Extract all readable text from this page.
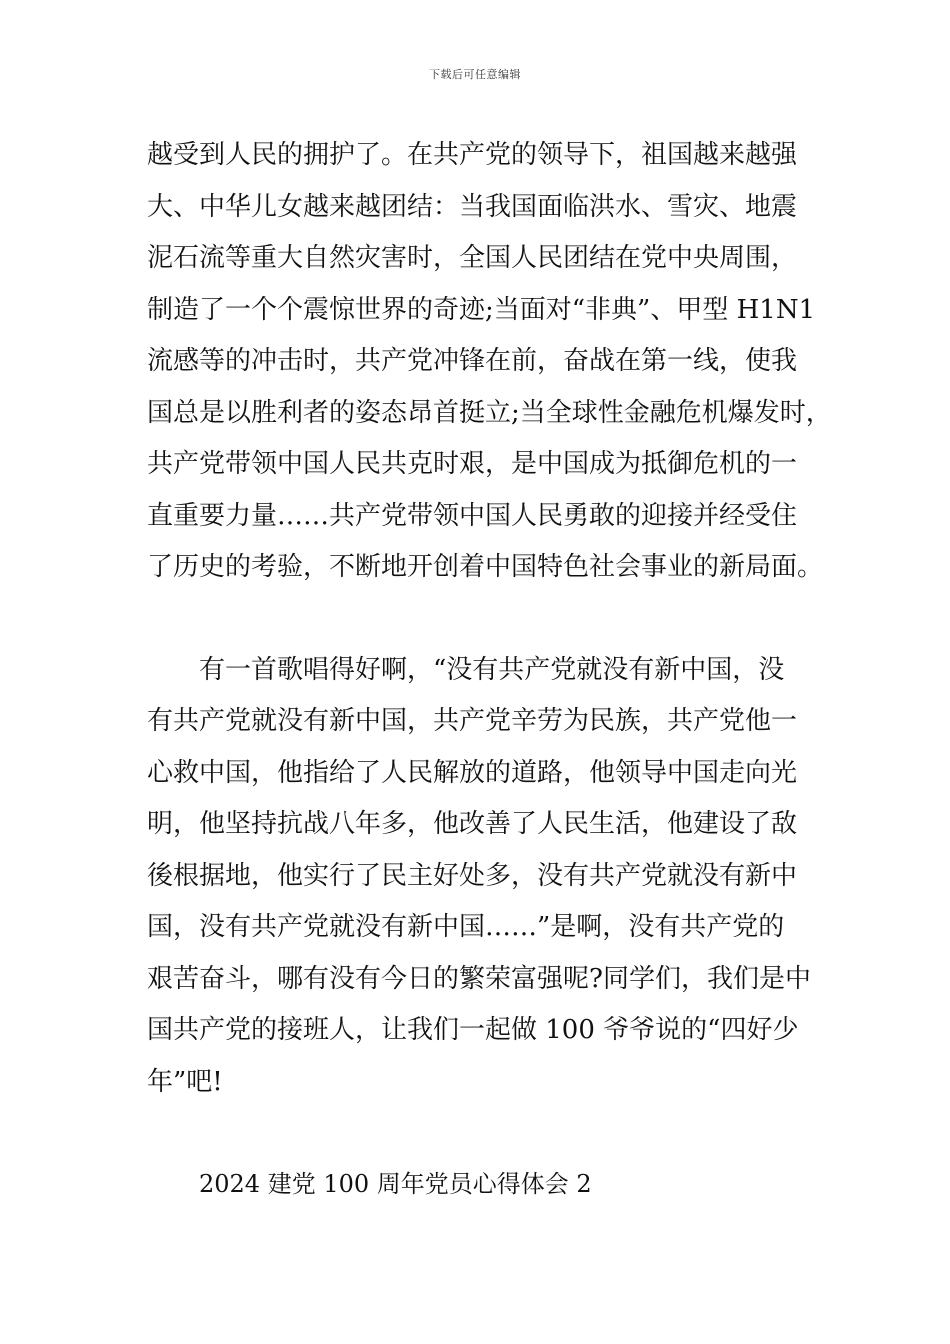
下载后可任意编辑
越受到人民的拥护了。在共产党的领导下，祖国越来越强
大、中华儿女越来越团结：当我国面临洪水、雪灾、地震
泥石流等重大自然灾害时，全国人民团结在党中央周围，
制造了一个个震惊世界的奇迹;当面对“非典”、甲型 H1N1
流感等的冲击时，共产党冲锋在前，奋战在第一线，使我
国总是以胜利者的姿态昂首挺立;当全球性金融危机爆发时，
共产党带领中国人民共克时艰，是中国成为抵御危机的一
直重要力量……共产党带领中国人民勇敢的迎接并经受住
了历史的考验，不断地开创着中国特色社会事业的新局面。
有一首歌唱得好啊，“没有共产党就没有新中国，没
有共产党就没有新中国，共产党辛劳为民族，共产党他一
心救中国，他指给了人民解放的道路，他领导中国走向光
明，他坚持抗战八年多，他改善了人民生活，他建设了敌
後根据地，他实行了民主好处多，没有共产党就没有新中
国，没有共产党就没有新中国……”是啊，没有共产党的
艰苦奋斗，哪有没有今日的繁荣富强呢?同学们，我们是中
国共产党的接班人，让我们一起做 100 爷爷说的“四好少
年”吧!
2024 建党 100 周年党员心得体会 2
